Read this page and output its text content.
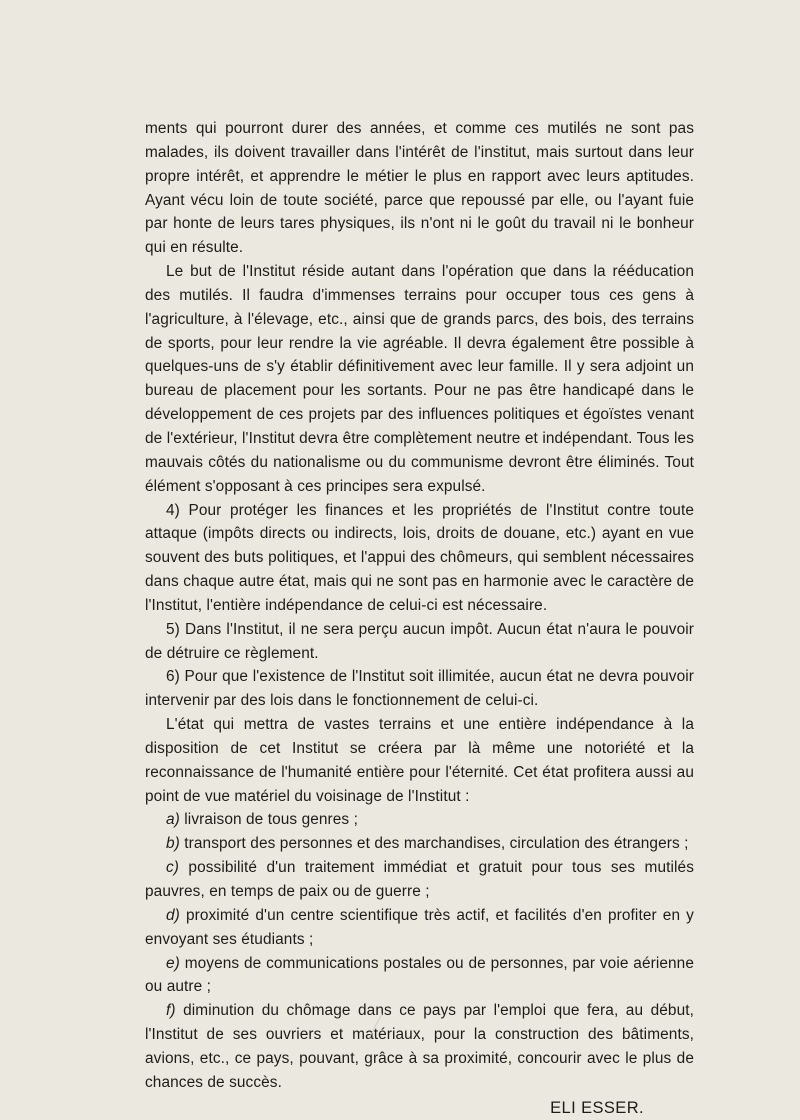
ments qui pourront durer des années, et comme ces mutilés ne sont pas malades, ils doivent travailler dans l'intérêt de l'institut, mais surtout dans leur propre intérêt, et apprendre le métier le plus en rapport avec leurs aptitudes. Ayant vécu loin de toute société, parce que repoussé par elle, ou l'ayant fuie par honte de leurs tares physiques, ils n'ont ni le goût du travail ni le bonheur qui en résulte.

Le but de l'Institut réside autant dans l'opération que dans la rééducation des mutilés. Il faudra d'immenses terrains pour occuper tous ces gens à l'agriculture, à l'élevage, etc., ainsi que de grands parcs, des bois, des terrains de sports, pour leur rendre la vie agréable. Il devra également être possible à quelques-uns de s'y établir définitivement avec leur famille. Il y sera adjoint un bureau de placement pour les sortants. Pour ne pas être handicapé dans le développement de ces projets par des influences politiques et égoïstes venant de l'extérieur, l'Institut devra être complètement neutre et indépendant. Tous les mauvais côtés du nationalisme ou du communisme devront être éliminés. Tout élément s'opposant à ces principes sera expulsé.

4) Pour protéger les finances et les propriétés de l'Institut contre toute attaque (impôts directs ou indirects, lois, droits de douane, etc.) ayant en vue souvent des buts politiques, et l'appui des chômeurs, qui semblent nécessaires dans chaque autre état, mais qui ne sont pas en harmonie avec le caractère de l'Institut, l'entière indépendance de celui-ci est nécessaire.

5) Dans l'Institut, il ne sera perçu aucun impôt. Aucun état n'aura le pouvoir de détruire ce règlement.

6) Pour que l'existence de l'Institut soit illimitée, aucun état ne devra pouvoir intervenir par des lois dans le fonctionnement de celui-ci.

L'état qui mettra de vastes terrains et une entière indépendance à la disposition de cet Institut se créera par là même une notoriété et la reconnaissance de l'humanité entière pour l'éternité. Cet état profitera aussi au point de vue matériel du voisinage de l'Institut :

a) livraison de tous genres ;

b) transport des personnes et des marchandises, circulation des étrangers ;

c) possibilité d'un traitement immédiat et gratuit pour tous ses mutilés pauvres, en temps de paix ou de guerre ;

d) proximité d'un centre scientifique très actif, et facilités d'en profiter en y envoyant ses étudiants ;

e) moyens de communications postales ou de personnes, par voie aérienne ou autre ;

f) diminution du chômage dans ce pays par l'emploi que fera, au début, l'Institut de ses ouvriers et matériaux, pour la construction des bâtiments, avions, etc., ce pays, pouvant, grâce à sa proximité, concourir avec le plus de chances de succès.

ELI ESSER.
